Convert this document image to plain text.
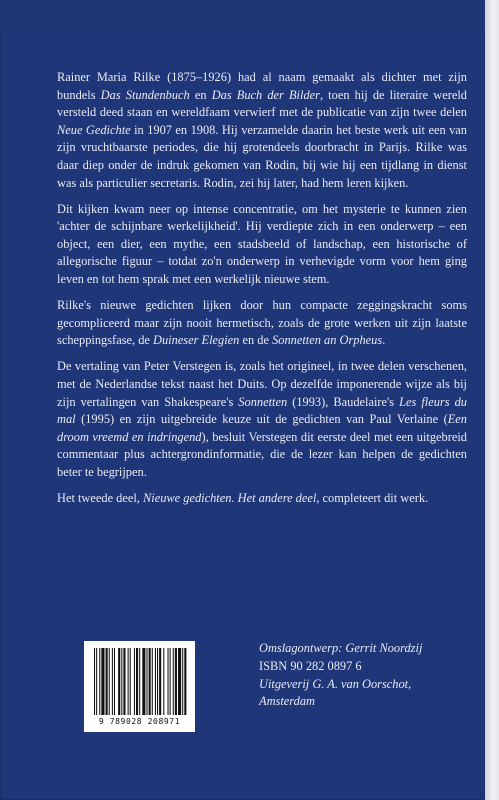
Rainer Maria Rilke (1875–1926) had al naam gemaakt als dichter met zijn bundels Das Stundenbuch en Das Buch der Bilder, toen hij de literaire wereld versteld deed staan en wereldfaam verwierf met de publicatie van zijn twee delen Neue Gedichte in 1907 en 1908. Hij verzamelde daarin het beste werk uit een van zijn vruchtbaarste periodes, die hij grotendeels doorbracht in Parijs. Rilke was daar diep onder de indruk gekomen van Rodin, bij wie hij een tijdlang in dienst was als particulier secretaris. Rodin, zei hij later, had hem leren kijken.

Dit kijken kwam neer op intense concentratie, om het mysterie te kunnen zien 'achter de schijnbare werkelijkheid'. Hij verdiepte zich in een onderwerp – een object, een dier, een mythe, een stadsbeeld of landschap, een historische of allegorische figuur – totdat zo'n onderwerp in verhevigde vorm voor hem ging leven en tot hem sprak met een werkelijk nieuwe stem.

Rilke's nieuwe gedichten lijken door hun compacte zeggingskracht soms gecompliceerd maar zijn nooit hermetisch, zoals de grote werken uit zijn laatste scheppingsfase, de Duineser Elegien en de Sonnetten an Orpheus.

De vertaling van Peter Verstegen is, zoals het origineel, in twee delen verschenen, met de Nederlandse tekst naast het Duits. Op dezelfde imponerende wijze als bij zijn vertalingen van Shakespeare's Sonnetten (1993), Baudelaire's Les fleurs du mal (1995) en zijn uitgebreide keuze uit de gedichten van Paul Verlaine (Een droom vreemd en indringend), besluit Verstegen dit eerste deel met een uitgebreid commentaar plus achtergrondinformatie, die de lezer kan helpen de gedichten beter te begrijpen.

Het tweede deel, Nieuwe gedichten. Het andere deel, completeert dit werk.

9 789028 208971
Omslagontwerp: Gerrit Noordzij
ISBN 90 282 0897 6
Uitgeverij G. A. van Oorschot,
Amsterdam
